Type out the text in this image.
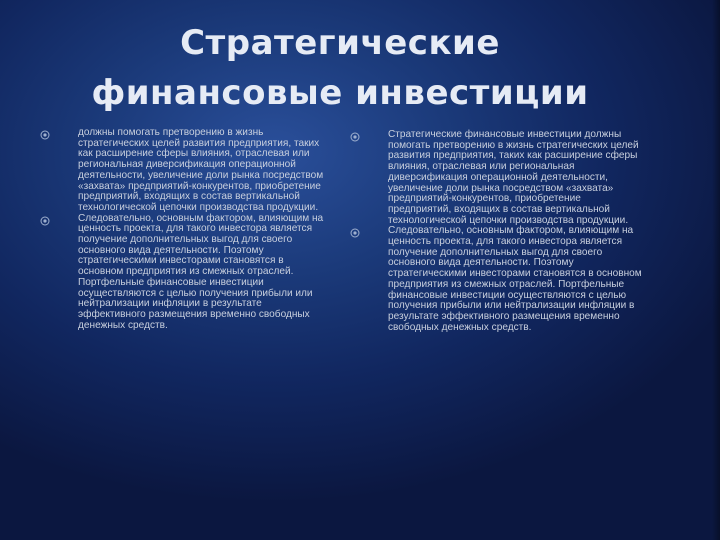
Стратегические
финансовые инвестиции

должны помогать претворению в жизнь стратегических целей развития предприятия, таких как расширение сферы влияния, отраслевая или региональная диверсификация операционной деятельности, увеличение доли рынка посредством «захвата» предприятий-конкурентов, приобретение предприятий, входящих в состав вертикальной технологической цепочки производства продукции.

Следовательно, основным фактором, влияющим на ценность проекта, для такого инвестора является получение дополнительных выгод для своего основного вида деятельности. Поэтому стратегическими инвесторами становятся в основном предприятия из смежных отраслей. Портфельные финансовые инвестиции осуществляются с целью получения прибыли или нейтрализации инфляции в результате эффективного размещения временно свободных денежных средств.

Стратегические финансовые инвестиции должны помогать претворению в жизнь стратегических целей развития предприятия, таких как расширение сферы влияния, отраслевая или региональная диверсификация операционной деятельности, увеличение доли рынка посредством «захвата» предприятий-конкурентов, приобретение предприятий, входящих в состав вертикальной технологической цепочки производства продукции.

Следовательно, основным фактором, влияющим на ценность проекта, для такого инвестора является получение дополнительных выгод для своего основного вида деятельности. Поэтому стратегическими инвесторами становятся в основном предприятия из смежных отраслей. Портфельные финансовые инвестиции осуществляются с целью получения прибыли или нейтрализации инфляции в результате эффективного размещения временно свободных денежных средств.
